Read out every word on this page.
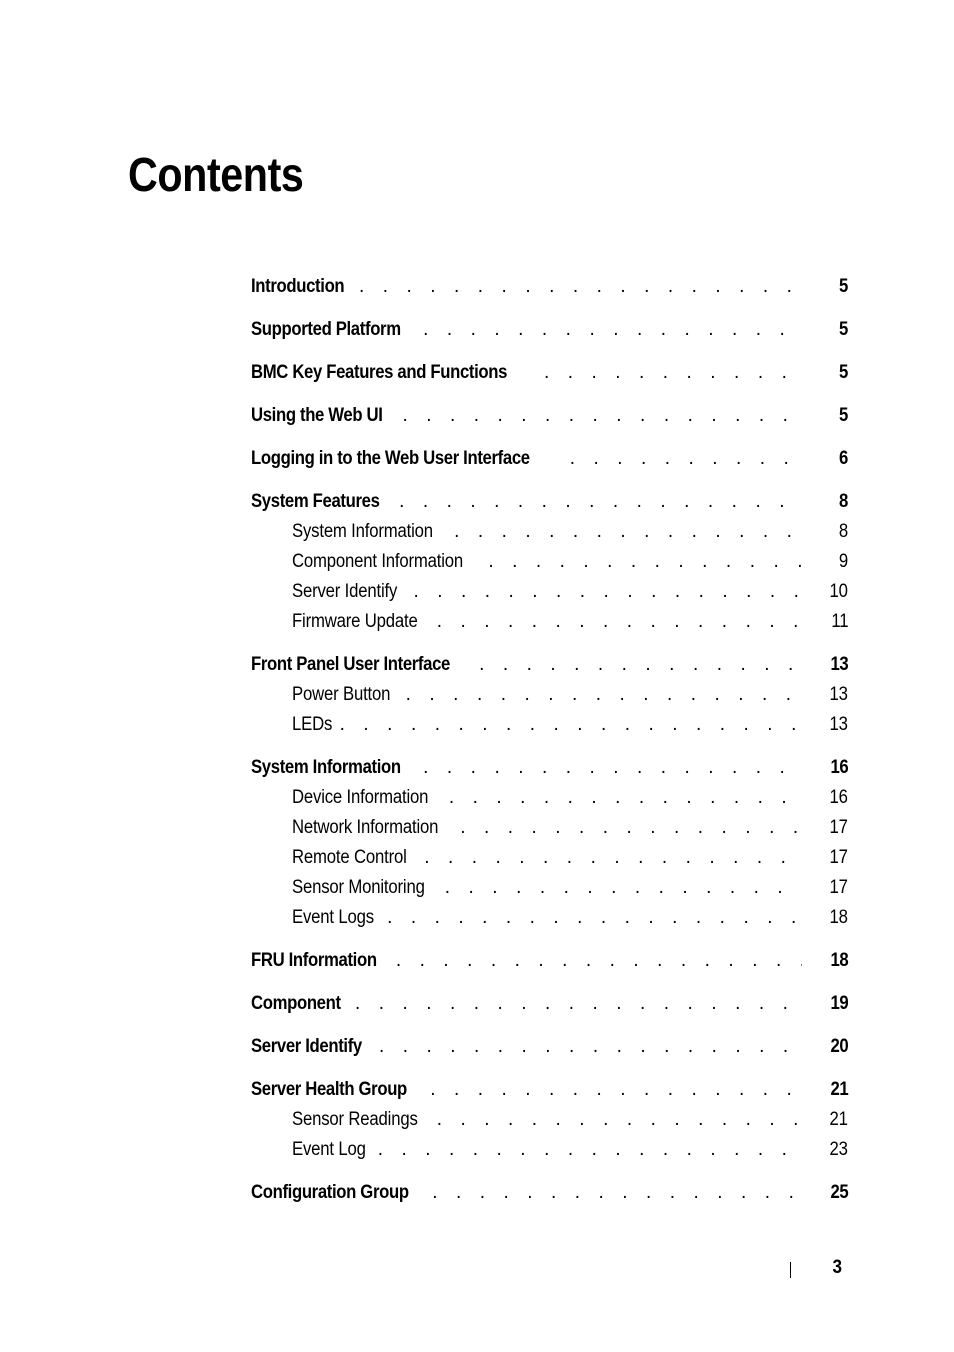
Contents
Introduction . . .	5
Supported Platform . . .	5
BMC Key Features and Functions . . .	5
Using the Web UI . . .	5
Logging in to the Web User Interface . . .	6
System Features . . .	8
System Information . . .	8
Component Information . . .	9
Server Identify . . .	10
Firmware Update . . .	11
Front Panel User Interface . . .	13
Power Button . . .	13
LEDs . . .	13
System Information . . .	16
Device Information . . .	16
Network Information . . .	17
Remote Control . . .	17
Sensor Monitoring . . .	17
Event Logs . . .	18
FRU Information . . .	18
Component . . .	19
Server Identify . . .	20
Server Health Group . . .	21
Sensor Readings . . .	21
Event Log . . .	23
Configuration Group . . .	25
3
